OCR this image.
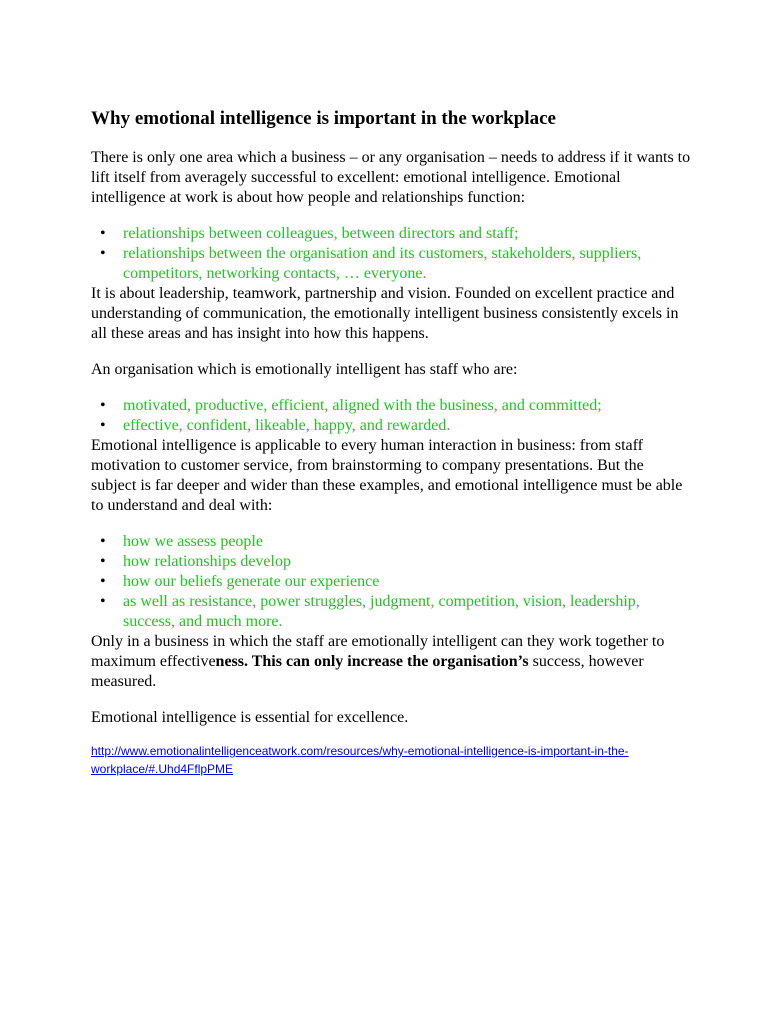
Why emotional intelligence is important in the workplace

There is only one area which a business – or any organisation – needs to address if it wants to lift itself from averagely successful to excellent: emotional intelligence. Emotional intelligence at work is about how people and relationships function:

• relationships between colleagues, between directors and staff;
• relationships between the organisation and its customers, stakeholders, suppliers, competitors, networking contacts, … everyone.

It is about leadership, teamwork, partnership and vision. Founded on excellent practice and understanding of communication, the emotionally intelligent business consistently excels in all these areas and has insight into how this happens.

An organisation which is emotionally intelligent has staff who are:

• motivated, productive, efficient, aligned with the business, and committed;
• effective, confident, likeable, happy, and rewarded.

Emotional intelligence is applicable to every human interaction in business: from staff motivation to customer service, from brainstorming to company presentations. But the subject is far deeper and wider than these examples, and emotional intelligence must be able to understand and deal with:

• how we assess people
• how relationships develop
• how our beliefs generate our experience
• as well as resistance, power struggles, judgment, competition, vision, leadership, success, and much more.

Only in a business in which the staff are emotionally intelligent can they work together to maximum effectiveness. This can only increase the organisation’s success, however measured.

Emotional intelligence is essential for excellence.

http://www.emotionalintelligenceatwork.com/resources/why-emotional-intelligence-is-important-in-the-workplace/#.Uhd4FflpPME
